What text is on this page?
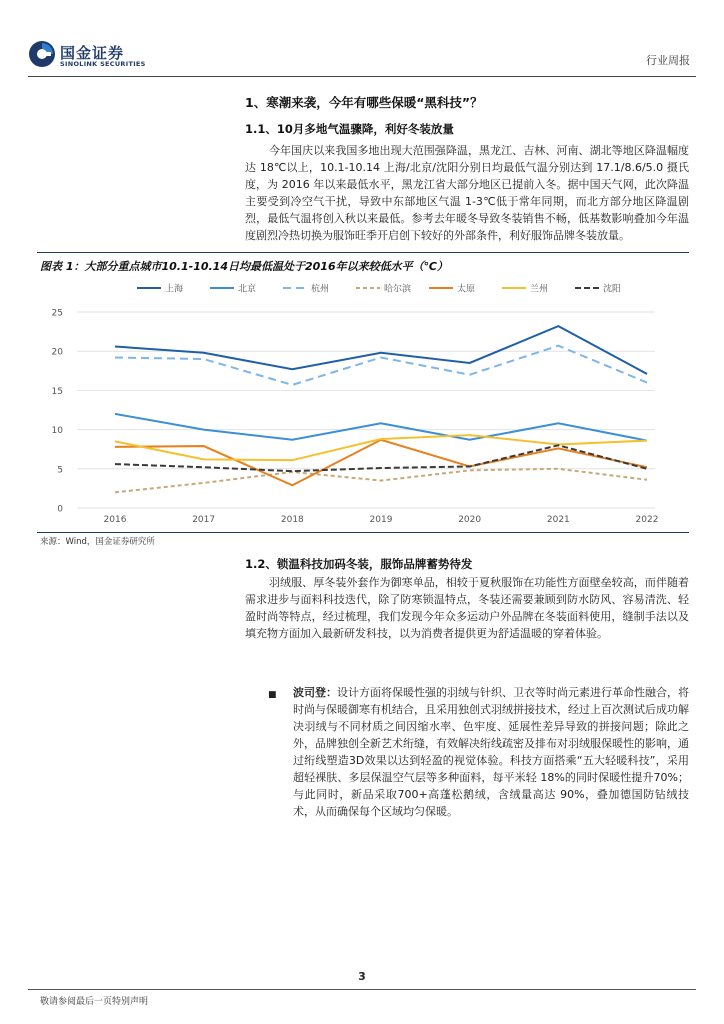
国金证券
SINOLINK SECURITIES	行业周报
1、寒潮来袭，今年有哪些保暖“黑科技”？
1.1、10月多地气温骤降，利好冬装放量
今年国庆以来我国多地出现大范围强降温，黑龙江、吉林、河南、湖北等地区降温幅度达 18℃以上，10.1-10.14 上海/北京/沈阳分别日均最低气温分别达到 17.1/8.6/5.0 摄氏度，为 2016 年以来最低水平，黑龙江省大部分地区已提前入冬。据中国天气网，此次降温主要受到冷空气干扰，导致中东部地区气温 1-3℃低于常年同期，而北方部分地区降温剧烈，最低气温将创入秋以来最低。参考去年暖冬导致冬装销售不畅，低基数影响叠加今年温度剧烈冷热切换为服饰旺季开启创下较好的外部条件，利好服饰品牌冬装放量。
图表 1：大部分重点城市10.1-10.14日均最低温处于2016年以来较低水平（℃）
上海	北京	杭州	哈尔滨	太原	兰州	沈阳
0
5
10
15
20
25
2016	2017	2018	2019	2020	2021	2022
来源：Wind，国金证券研究所
1.2、锁温科技加码冬装，服饰品牌蓄势待发
羽绒服、厚冬装外套作为御寒单品，相较于夏秋服饰在功能性方面壁垒较高，而伴随着需求进步与面料科技迭代，除了防寒锁温特点，冬装还需要兼顾到防水防风、容易清洗、轻盈时尚等特点，经过梳理，我们发现今年众多运动户外品牌在冬装面料使用，缝制手法以及填充物方面加入最新研发科技，以为消费者提供更为舒适温暖的穿着体验。
■ 波司登：设计方面将保暖性强的羽绒与针织、卫衣等时尚元素进行革命性融合，将时尚与保暖御寒有机结合，且采用独创式羽绒拼接技术，经过上百次测试后成功解决羽绒与不同材质之间因缩水率、色牢度、延展性差异导致的拼接问题；除此之外，品牌独创全新艺术绗缝，有效解决绗线疏密及排布对羽绒服保暖性的影响，通过绗线塑造3D效果以达到轻盈的视觉体验。科技方面搭乘“五大轻暖科技”，采用超轻裸肤、多层保温空气层等多种面料，每平米轻 18%的同时保暖性提升70%；与此同时，新品采取700+高蓬松鹅绒，含绒量高达 90%，叠加德国防钻绒技术，从而确保每个区域均匀保暖。
3
敬请参阅最后一页特别声明
